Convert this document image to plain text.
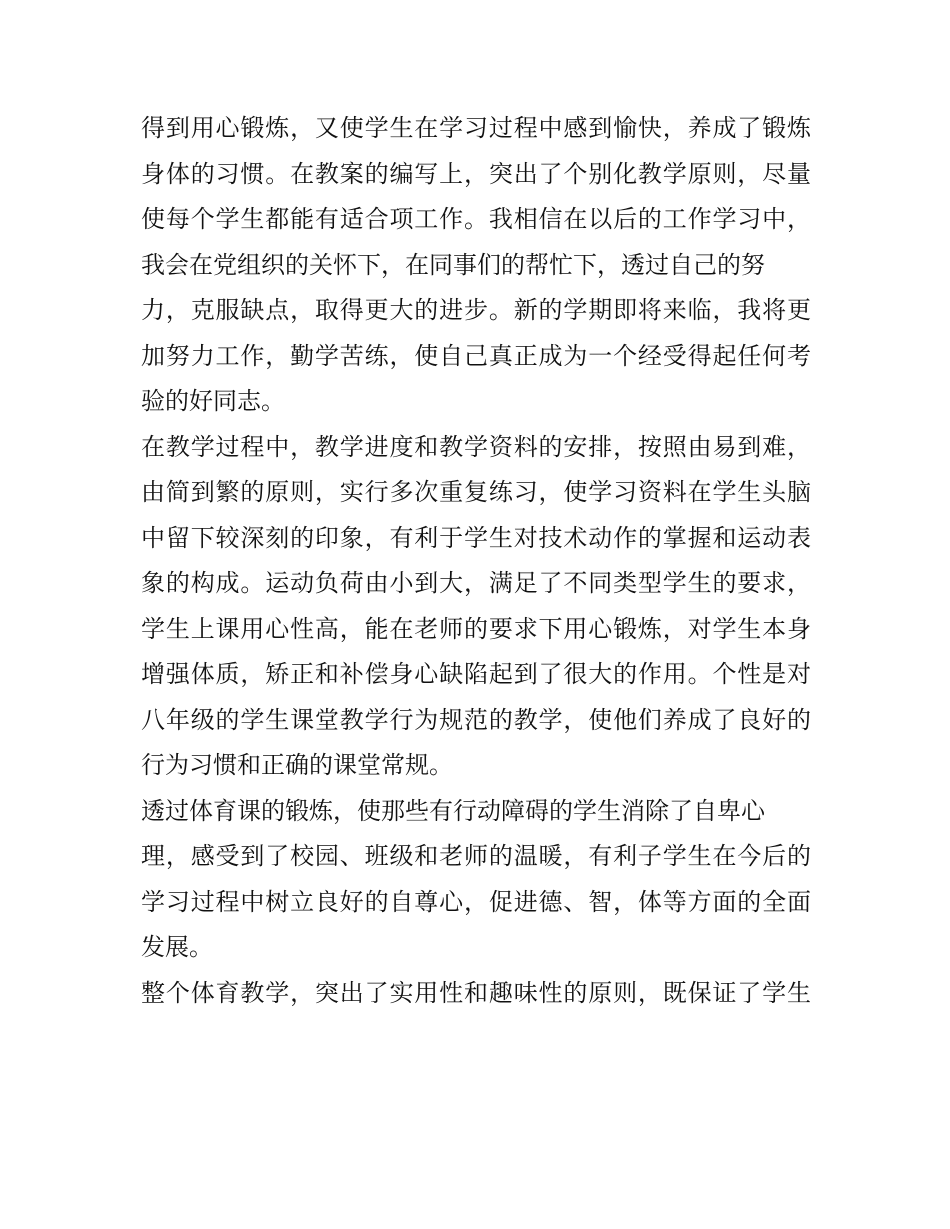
得到用心锻炼，又使学生在学习过程中感到愉快，养成了锻炼
身体的习惯。在教案的编写上，突出了个别化教学原则，尽量
使每个学生都能有适合项工作。我相信在以后的工作学习中，
我会在党组织的关怀下，在同事们的帮忙下，透过自己的努
力，克服缺点，取得更大的进步。新的学期即将来临，我将更
加努力工作，勤学苦练，使自己真正成为一个经受得起任何考
验的好同志。
在教学过程中，教学进度和教学资料的安排，按照由易到难，
由简到繁的原则，实行多次重复练习，使学习资料在学生头脑
中留下较深刻的印象，有利于学生对技术动作的掌握和运动表
象的构成。运动负荷由小到大，满足了不同类型学生的要求，
学生上课用心性高，能在老师的要求下用心锻炼，对学生本身
增强体质，矫正和补偿身心缺陷起到了很大的作用。个性是对
八年级的学生课堂教学行为规范的教学，使他们养成了良好的
行为习惯和正确的课堂常规。
透过体育课的锻炼，使那些有行动障碍的学生消除了自卑心
理，感受到了校园、班级和老师的温暖，有利子学生在今后的
学习过程中树立良好的自尊心，促进德、智，体等方面的全面
发展。
整个体育教学，突出了实用性和趣味性的原则，既保证了学生
